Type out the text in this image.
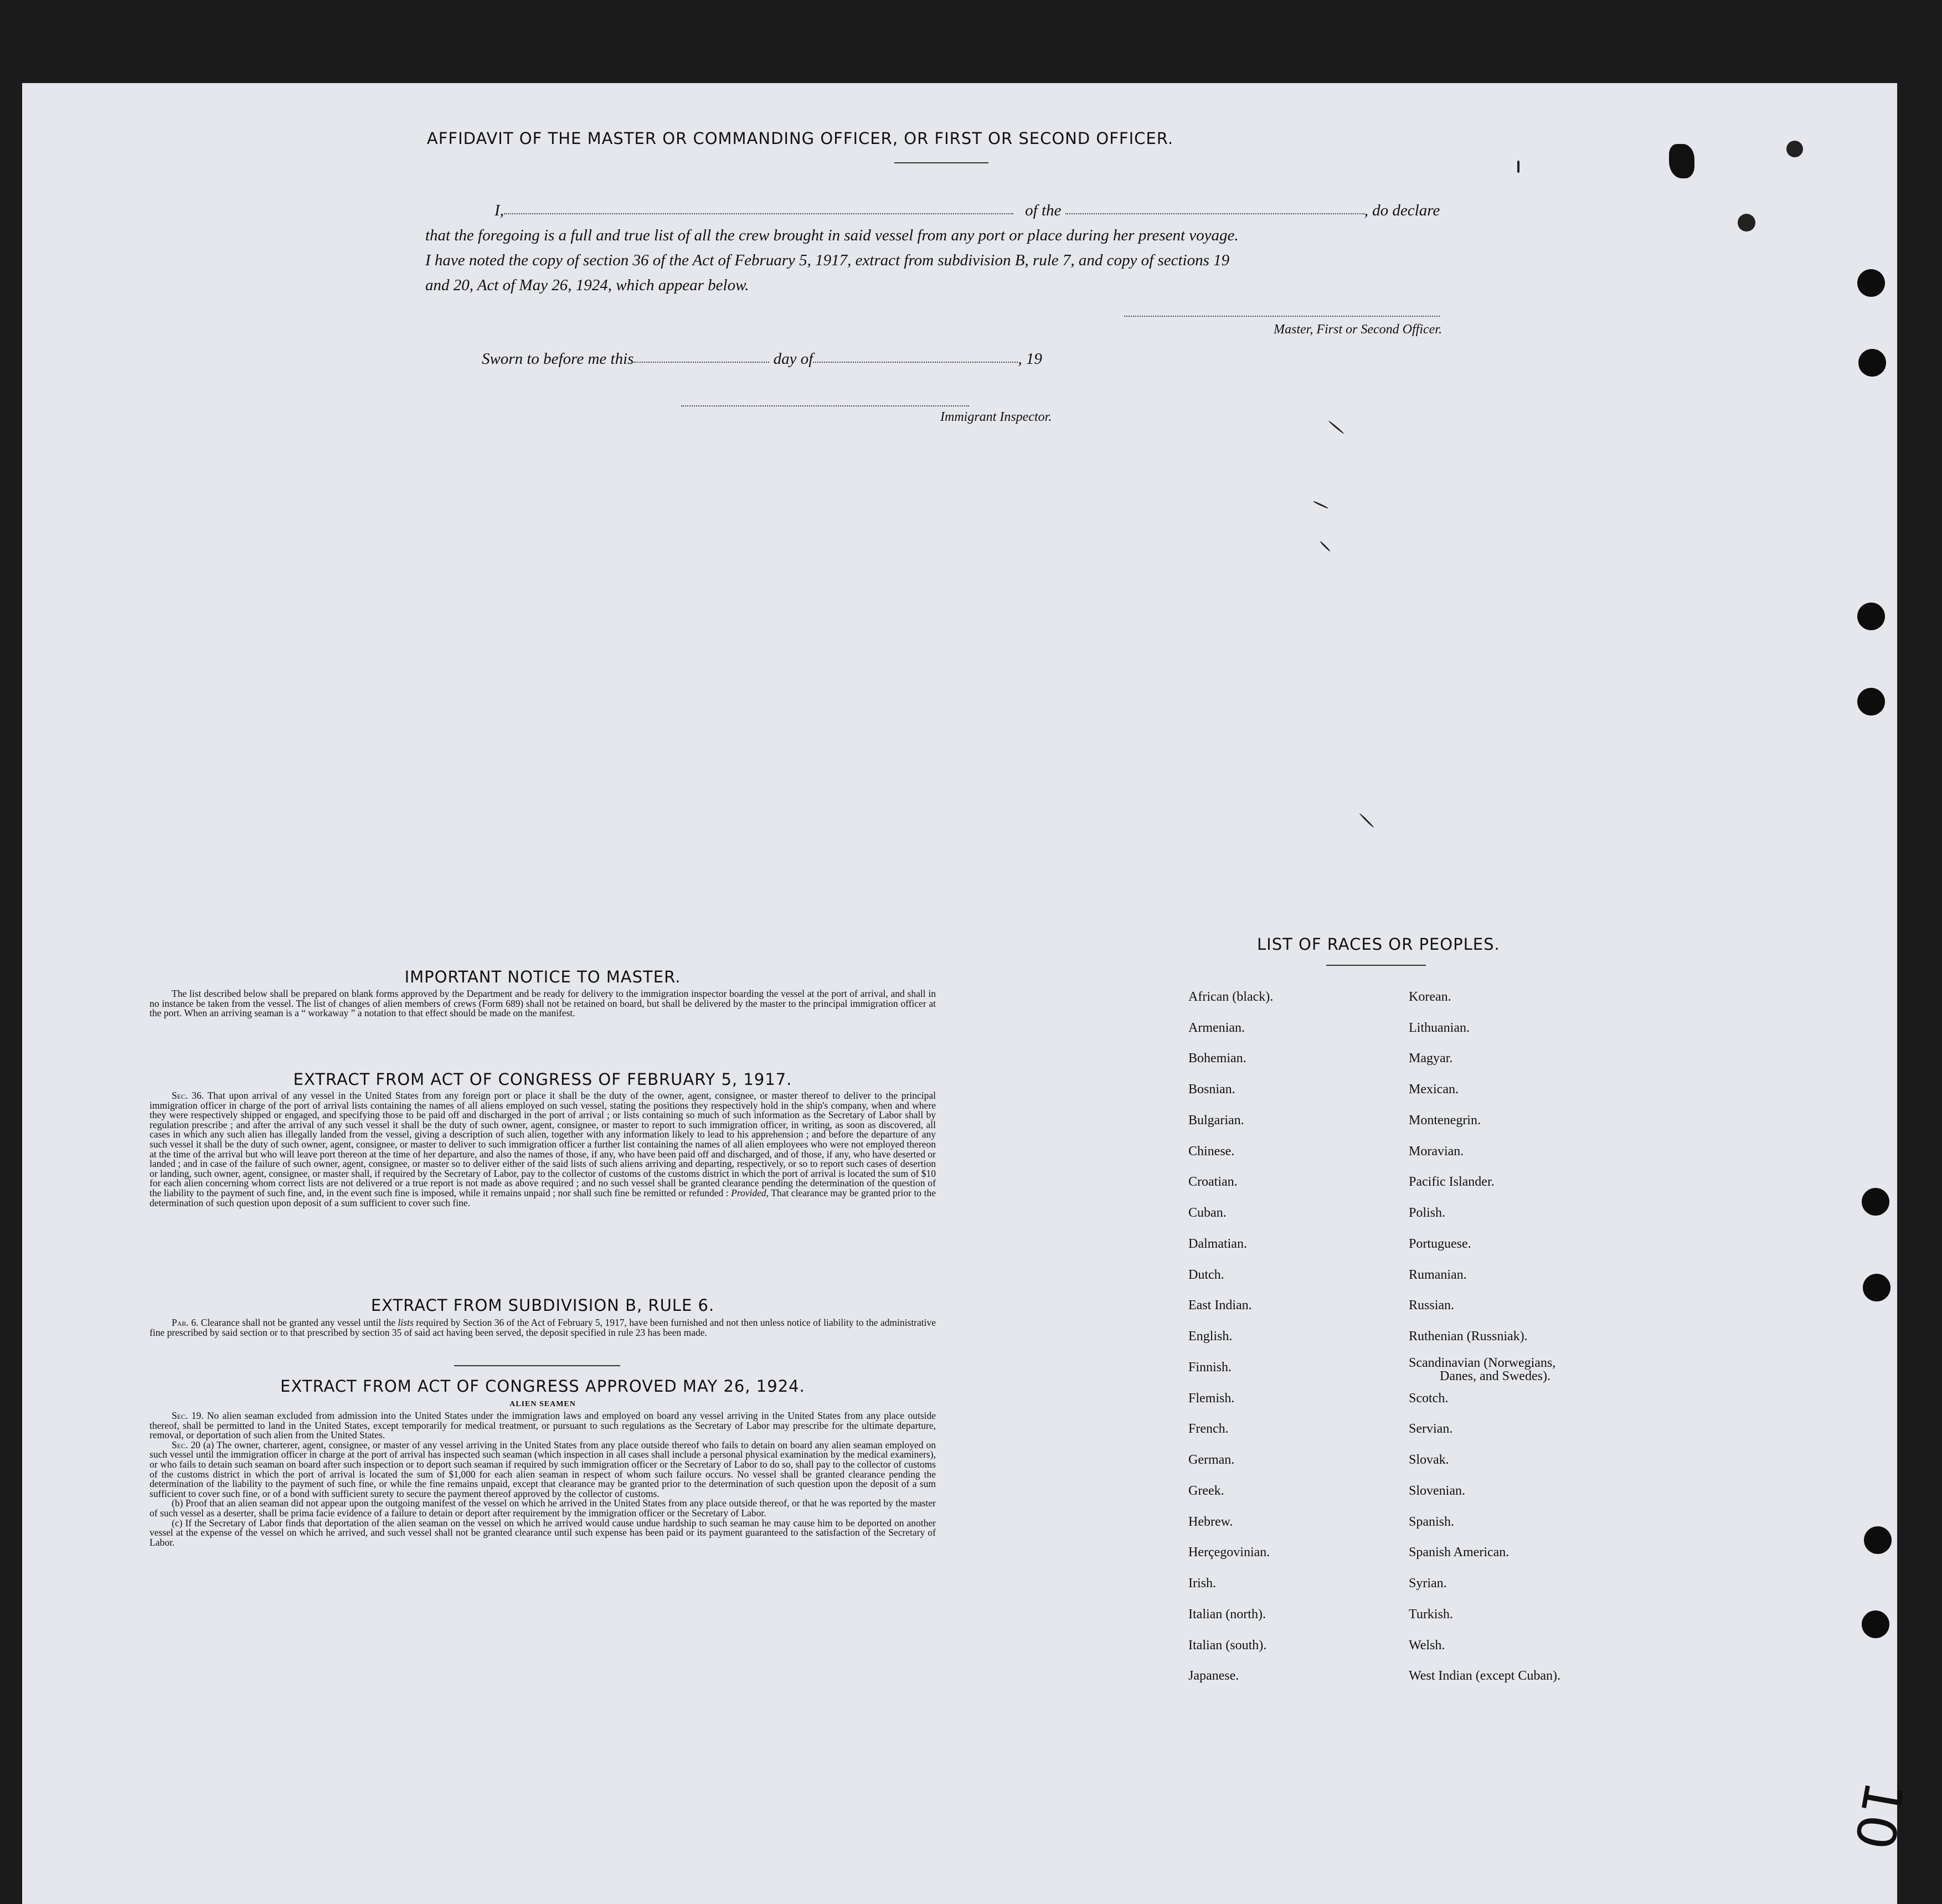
AFFIDAVIT OF THE MASTER OR COMMANDING OFFICER, OR FIRST OR SECOND OFFICER.
I,	of the	, do declare
that the foregoing is a full and true list of all the crew brought in said vessel from any port or place during her present voyage.
I have noted the copy of section 36 of the Act of February 5, 1917, extract from subdivision B, rule 7, and copy of sections 19
and 20, Act of May 26, 1924, which appear below.
Master, First or Second Officer.
Sworn to before me this	day of	, 19
Immigrant Inspector.
IMPORTANT NOTICE TO MASTER.

The list described below shall be prepared on blank forms approved by the Department and be ready for delivery to the immigration inspector boarding the vessel at the port of arrival, and shall in no instance be taken from the vessel. The list of changes of alien members of crews (Form 689) shall not be retained on board, but shall be delivered by the master to the principal immigration officer at the port. When an arriving seaman is a “ workaway ” a notation to that effect should be made on the manifest.

EXTRACT FROM ACT OF CONGRESS OF FEBRUARY 5, 1917.

Sec. 36. That upon arrival of any vessel in the United States from any foreign port or place it shall be the duty of the owner, agent, consignee, or master thereof to deliver to the principal immigration officer in charge of the port of arrival lists containing the names of all aliens employed on such vessel, stating the positions they respectively hold in the ship's company, when and where they were respectively shipped or engaged, and specifying those to be paid off and discharged in the port of arrival ; or lists containing so much of such information as the Secretary of Labor shall by regulation prescribe ; and after the arrival of any such vessel it shall be the duty of such owner, agent, consignee, or master to report to such immigration officer, in writing, as soon as discovered, all cases in which any such alien has illegally landed from the vessel, giving a description of such alien, together with any information likely to lead to his apprehension ; and before the departure of any such vessel it shall be the duty of such owner, agent, consignee, or master to deliver to such immigration officer a further list containing the names of all alien employees who were not employed thereon at the time of the arrival but who will leave port thereon at the time of her departure, and also the names of those, if any, who have been paid off and discharged, and of those, if any, who have deserted or landed ; and in case of the failure of such owner, agent, consignee, or master so to deliver either of the said lists of such aliens arriving and departing, respectively, or so to report such cases of desertion or landing, such owner, agent, consignee, or master shall, if required by the Secretary of Labor, pay to the collector of customs of the customs district in which the port of arrival is located the sum of $10 for each alien concerning whom correct lists are not delivered or a true report is not made as above required ; and no such vessel shall be granted clearance pending the determination of the question of the liability to the payment of such fine, and, in the event such fine is imposed, while it remains unpaid ; nor shall such fine be remitted or refunded : Provided, That clearance may be granted prior to the determination of such question upon deposit of a sum sufficient to cover such fine.

EXTRACT FROM SUBDIVISION B, RULE 6.

Par. 6. Clearance shall not be granted any vessel until the lists required by Section 36 of the Act of February 5, 1917, have been furnished and not then unless notice of liability to the administrative fine prescribed by said section or to that prescribed by section 35 of said act having been served, the deposit specified in rule 23 has been made.

EXTRACT FROM ACT OF CONGRESS APPROVED MAY 26, 1924.
ALIEN SEAMEN

Sec. 19. No alien seaman excluded from admission into the United States under the immigration laws and employed on board any vessel arriving in the United States from any place outside thereof, shall be permitted to land in the United States, except temporarily for medical treatment, or pursuant to such regulations as the Secretary of Labor may prescribe for the ultimate departure, removal, or deportation of such alien from the United States.

Sec. 20 (a) The owner, charterer, agent, consignee, or master of any vessel arriving in the United States from any place outside thereof who fails to detain on board any alien seaman employed on such vessel until the immigration officer in charge at the port of arrival has inspected such seaman (which inspection in all cases shall include a personal physical examination by the medical examiners), or who fails to detain such seaman on board after such inspection or to deport such seaman if required by such immigration officer or the Secretary of Labor to do so, shall pay to the collector of customs of the customs district in which the port of arrival is located the sum of $1,000 for each alien seaman in respect of whom such failure occurs. No vessel shall be granted clearance pending the determination of the liability to the payment of such fine, or while the fine remains unpaid, except that clearance may be granted prior to the determination of such question upon the deposit of a sum sufficient to cover such fine, or of a bond with sufficient surety to secure the payment thereof approved by the collector of customs.

(b) Proof that an alien seaman did not appear upon the outgoing manifest of the vessel on which he arrived in the United States from any place outside thereof, or that he was reported by the master of such vessel as a deserter, shall be prima facie evidence of a failure to detain or deport after requirement by the immigration officer or the Secretary of Labor.

(c) If the Secretary of Labor finds that deportation of the alien seaman on the vessel on which he arrived would cause undue hardship to such seaman he may cause him to be deported on another vessel at the expense of the vessel on which he arrived, and such vessel shall not be granted clearance until such expense has been paid or its payment guaranteed to the satisfaction of the Secretary of Labor.

LIST OF RACES OR PEOPLES.
African (black).
Armenian.
Bohemian.
Bosnian.
Bulgarian.
Chinese.
Croatian.
Cuban.
Dalmatian.
Dutch.
East Indian.
English.
Finnish.
Flemish.
French.
German.
Greek.
Hebrew.
Herçegovinian.
Irish.
Italian (north).
Italian (south).
Japanese.
Korean.
Lithuanian.
Magyar.
Mexican.
Montenegrin.
Moravian.
Pacific Islander.
Polish.
Portuguese.
Rumanian.
Russian.
Ruthenian (Russniak).
Scandinavian (Norwegians,
Danes, and Swedes).
Scotch.
Servian.
Slovak.
Slovenian.
Spanish.
Spanish American.
Syrian.
Turkish.
Welsh.
West Indian (except Cuban).
10
